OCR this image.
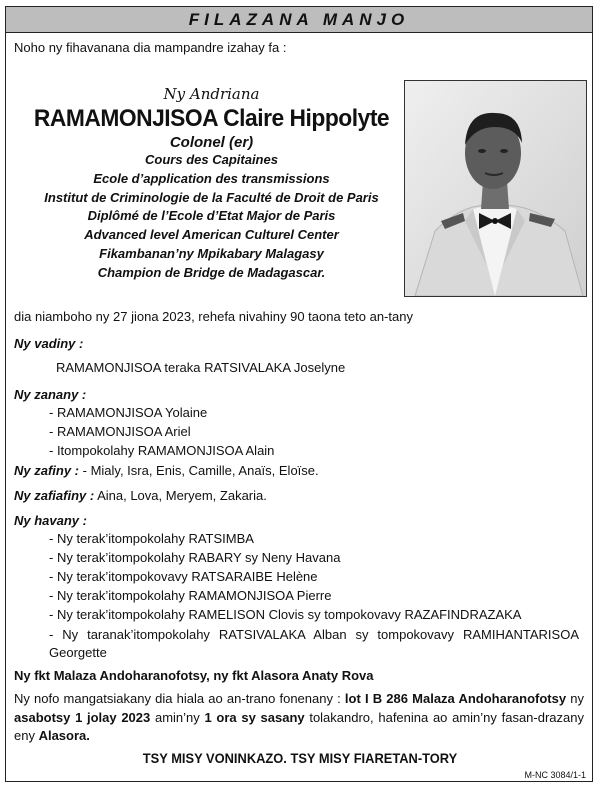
FILAZANA MANJO
Noho ny fihavanana dia mampandre izahay fa :
Ny Andriana
RAMAMONJISOA Claire Hippolyte
Colonel (er)
Cours des Capitaines
Ecole d’application des transmissions
Institut de Criminologie de la Faculté de Droit de Paris
Diplômé de l’Ecole d’Etat Major de Paris
Advanced level American Culturel Center
Fikambanan’ny Mpikabary Malagasy
Champion de Bridge de Madagascar.
dia niamboho ny 27 jiona 2023, rehefa nivahiny 90 taona teto an-tany
Ny vadiny :
RAMAMONJISOA teraka RATSIVALAKA Joselyne
Ny zanany :
- RAMAMONJISOA Yolaine
- RAMAMONJISOA Ariel
- Itompokolahy RAMAMONJISOA Alain
Ny zafiny : - Mialy, Isra, Enis, Camille, Anaïs, Eloïse.
Ny zafiafiny : Aina, Lova, Meryem, Zakaria.
Ny havany :
- Ny terak’itompokolahy RATSIMBA
- Ny terak’itompokolahy RABARY sy Neny Havana
- Ny terak’itompokovavy RATSARAIBE Helène
- Ny terak’itompokolahy RAMAMONJISOA Pierre
- Ny terak’itompokolahy RAMELISON Clovis sy tompokovavy RAZAFINDRAZAKA
- Ny taranak’itompokolahy RATSIVALAKA Alban sy tompokovavy RAMIHANTARISOA Georgette
Ny fkt Malaza Andoharanofotsy, ny fkt Alasora Anaty Rova
Ny nofo mangatsiakany dia hiala ao an-trano fonenany : lot I B 286 Malaza Andoharanofotsy ny asabotsy 1 jolay 2023 amin’ny 1 ora sy sasany tolakandro, hafenina ao amin’ny fasan-drazany eny Alasora.
TSY MISY VONINKAZO. TSY MISY FIARETAN-TORY
M-NC 3084/1-1
